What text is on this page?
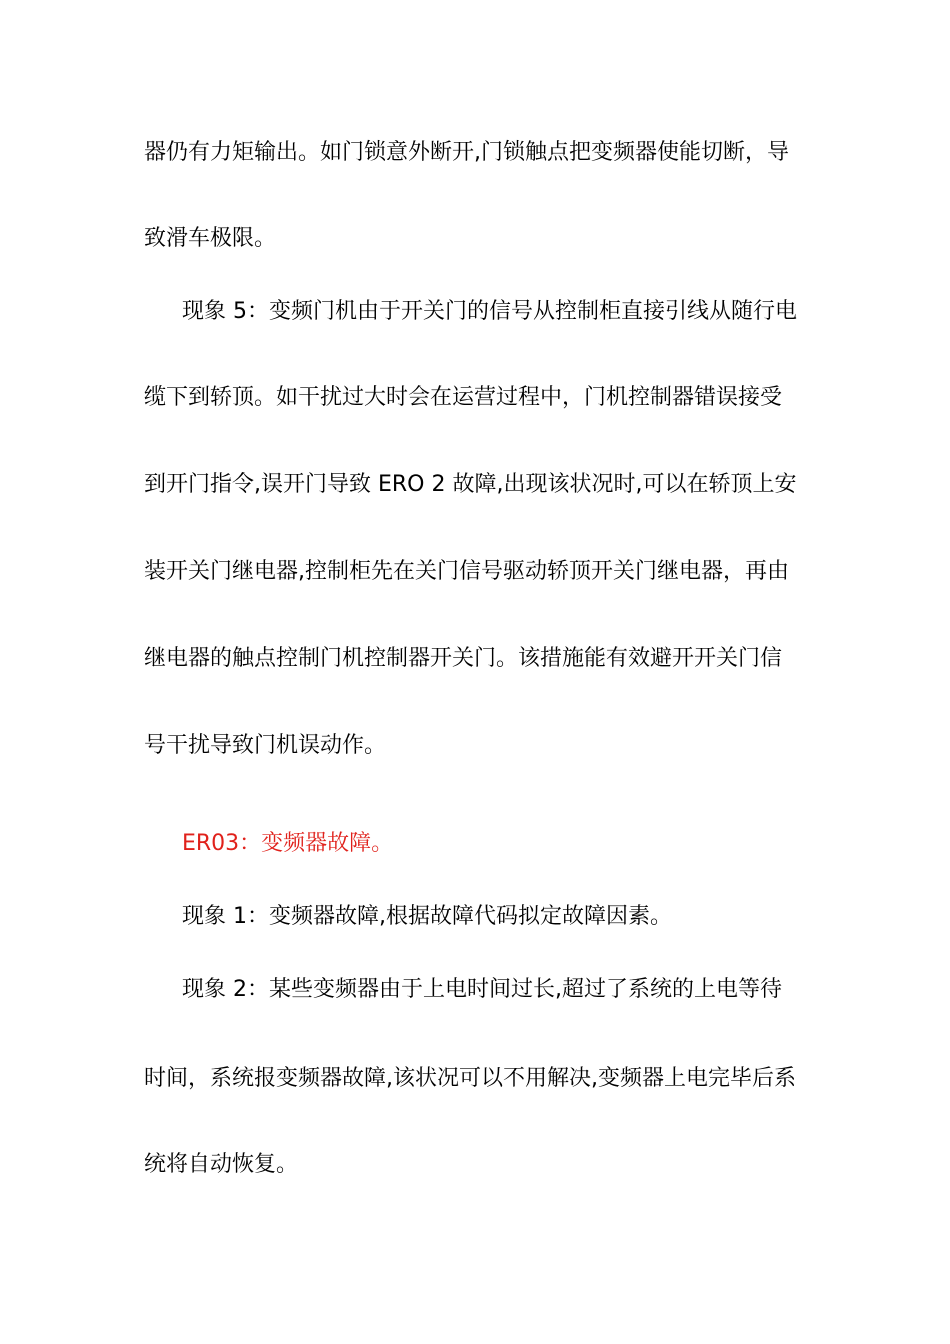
器仍有力矩输出。如门锁意外断开,门锁触点把变频器使能切断，导
致滑车极限。
现象 5：变频门机由于开关门的信号从控制柜直接引线从随行电
缆下到轿顶。如干扰过大时会在运营过程中，门机控制器错误接受
到开门指令,误开门导致 ERO 2 故障,出现该状况时,可以在轿顶上安
装开关门继电器,控制柜先在关门信号驱动轿顶开关门继电器，再由
继电器的触点控制门机控制器开关门。该措施能有效避开开关门信
号干扰导致门机误动作。
ER03：变频器故障。
现象 1：变频器故障,根据故障代码拟定故障因素。
现象 2：某些变频器由于上电时间过长,超过了系统的上电等待
时间，系统报变频器故障,该状况可以不用解决,变频器上电完毕后系
统将自动恢复。
